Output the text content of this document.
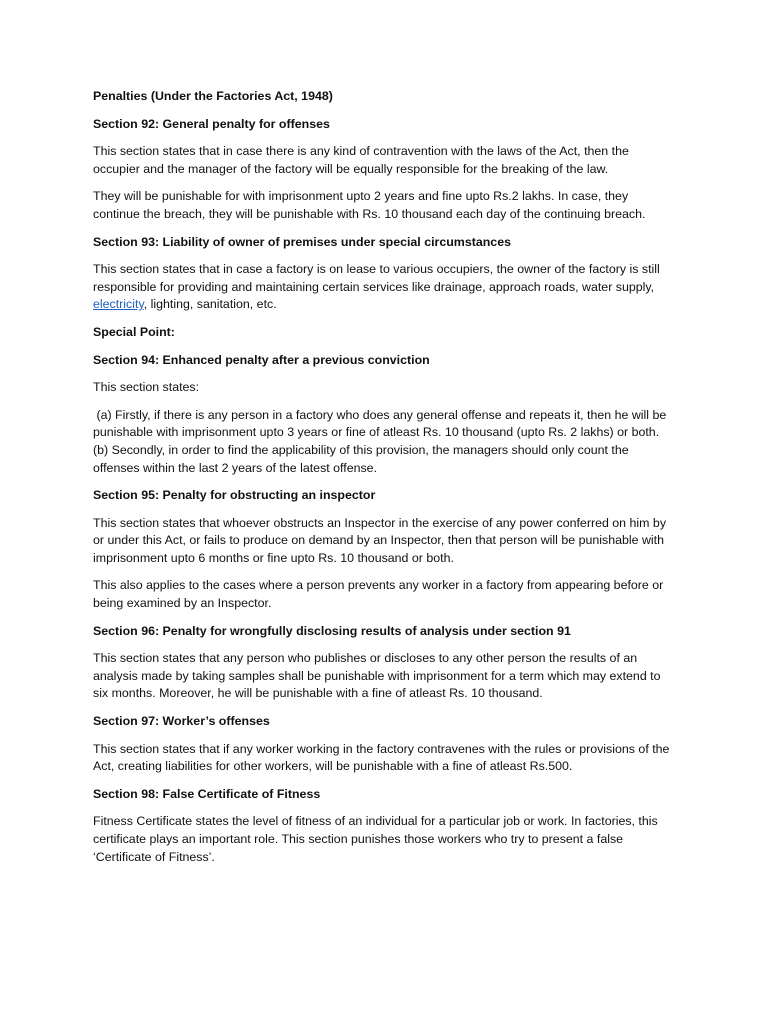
Penalties (Under the Factories Act, 1948)

Section 92: General penalty for offenses

This section states that in case there is any kind of contravention with the laws of the Act, then the occupier and the manager of the factory will be equally responsible for the breaking of the law.

They will be punishable for with imprisonment upto 2 years and fine upto Rs.2 lakhs. In case, they continue the breach, they will be punishable with Rs. 10 thousand each day of the continuing breach.

Section 93: Liability of owner of premises under special circumstances

This section states that in case a factory is on lease to various occupiers, the owner of the factory is still responsible for providing and maintaining certain services like drainage, approach roads, water supply, electricity, lighting, sanitation, etc.

Special Point:

Section 94: Enhanced penalty after a previous conviction

This section states:

(a) Firstly, if there is any person in a factory who does any general offense and repeats it, then he will be punishable with imprisonment upto 3 years or fine of atleast Rs. 10 thousand (upto Rs. 2 lakhs) or both.

(b) Secondly, in order to find the applicability of this provision, the managers should only count the offenses within the last 2 years of the latest offense.

Section 95: Penalty for obstructing an inspector

This section states that whoever obstructs an Inspector in the exercise of any power conferred on him by or under this Act, or fails to produce on demand by an Inspector, then that person will be punishable with imprisonment upto 6 months or fine upto Rs. 10 thousand or both.

This also applies to the cases where a person prevents any worker in a factory from appearing before or being examined by an Inspector.

Section 96: Penalty for wrongfully disclosing results of analysis under section 91

This section states that any person who publishes or discloses to any other person the results of an analysis made by taking samples shall be punishable with imprisonment for a term which may extend to six months. Moreover, he will be punishable with a fine of atleast Rs. 10 thousand.

Section 97: Worker’s offenses

This section states that if any worker working in the factory contravenes with the rules or provisions of the Act, creating liabilities for other workers, will be punishable with a fine of atleast Rs.500.

Section 98: False Certificate of Fitness

Fitness Certificate states the level of fitness of an individual for a particular job or work. In factories, this certificate plays an important role. This section punishes those workers who try to present a false ‘Certificate of Fitness’.
